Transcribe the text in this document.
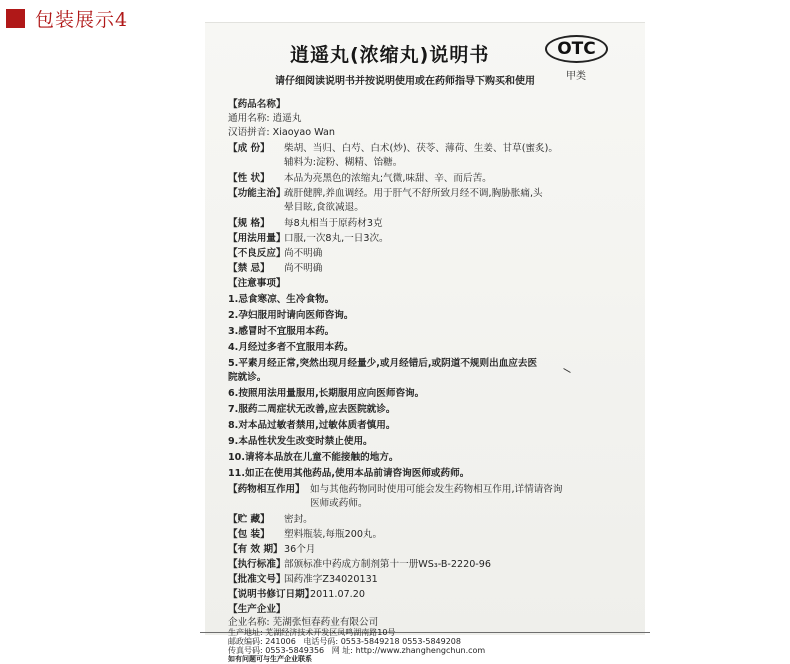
包装展示4
逍遥丸(浓缩丸)说明书	OTC
甲类
请仔细阅读说明书并按说明使用或在药师指导下购买和使用
【药品名称】
通用名称: 逍遥丸
汉语拼音: Xiaoyao Wan
【成 份】 柴胡、当归、白芍、白术(炒)、茯苓、薄荷、生姜、甘草(蜜炙)。
辅料为:淀粉、糊精、饴糖。
【性 状】 本品为亮黑色的浓缩丸;气微,味甜、辛、而后苦。
【功能主治】疏肝健脾,养血调经。用于肝气不舒所致月经不调,胸胁胀痛,头
晕目眩,食欲减退。
【规 格】 每8丸相当于原药材3克
【用法用量】口服,一次8丸,一日3次。
【不良反应】尚不明确
【禁 忌】 尚不明确
【注意事项】
1.忌食寒凉、生冷食物。
2.孕妇服用时请向医师咨询。
3.感冒时不宜服用本药。
4.月经过多者不宜服用本药。
5.平素月经正常,突然出现月经量少,或月经错后,或阴道不规则出血应去医
院就诊。
6.按照用法用量服用,长期服用应向医师咨询。
7.服药二周症状无改善,应去医院就诊。
8.对本品过敏者禁用,过敏体质者慎用。
9.本品性状发生改变时禁止使用。
10.请将本品放在儿童不能接触的地方。
11.如正在使用其他药品,使用本品前请咨询医师或药师。
【药物相互作用】 如与其他药物同时使用可能会发生药物相互作用,详情请咨询
医师或药师。
【贮 藏】 密封。
【包 装】 塑料瓶装,每瓶200丸。
【有 效 期】36个月
【执行标准】部颁标准中药成方制剂第十一册WS₃-B-2220-96
【批准文号】国药准字Z34020131
【说明书修订日期】2011.07.20
【生产企业】
企业名称: 芜湖张恒春药业有限公司
生产地址: 芜湖经济技术开发区凤鸣湖南路10号
邮政编码: 241006 电话号码: 0553-5849218 0553-5849208
传真号码: 0553-5849356 网 址: http://www.zhanghengchun.com
如有问题可与生产企业联系
